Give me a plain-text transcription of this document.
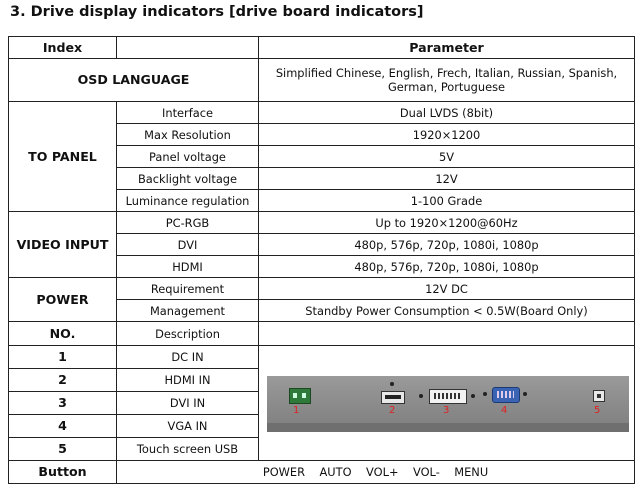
3. Drive display indicators [drive board indicators]
Index		Parameter
OSD LANGUAGE		Simplified Chinese, English, Frech, Italian, Russian, Spanish,
German, Portuguese
TO PANEL	Interface	Dual LVDS (8bit)
	Max Resolution	1920×1200
	Panel voltage	5V
	Backlight voltage	12V
	Luminance regulation	1-100 Grade
VIDEO INPUT	PC-RGB	Up to 1920×1200@60Hz
	DVI	480p, 576p, 720p, 1080i, 1080p
	HDMI	480p, 576p, 720p, 1080i, 1080p
POWER	Requirement	12V DC
	Management	Standby Power Consumption < 0.5W(Board Only)
NO.	Description	
1	DC IN	1 2 3 4 5

2	HDMI IN	
3	DVI IN	
4	VGA IN	
5	Touch screen USB	
Button	POWER    AUTO    VOL+    VOL-    MENU	
